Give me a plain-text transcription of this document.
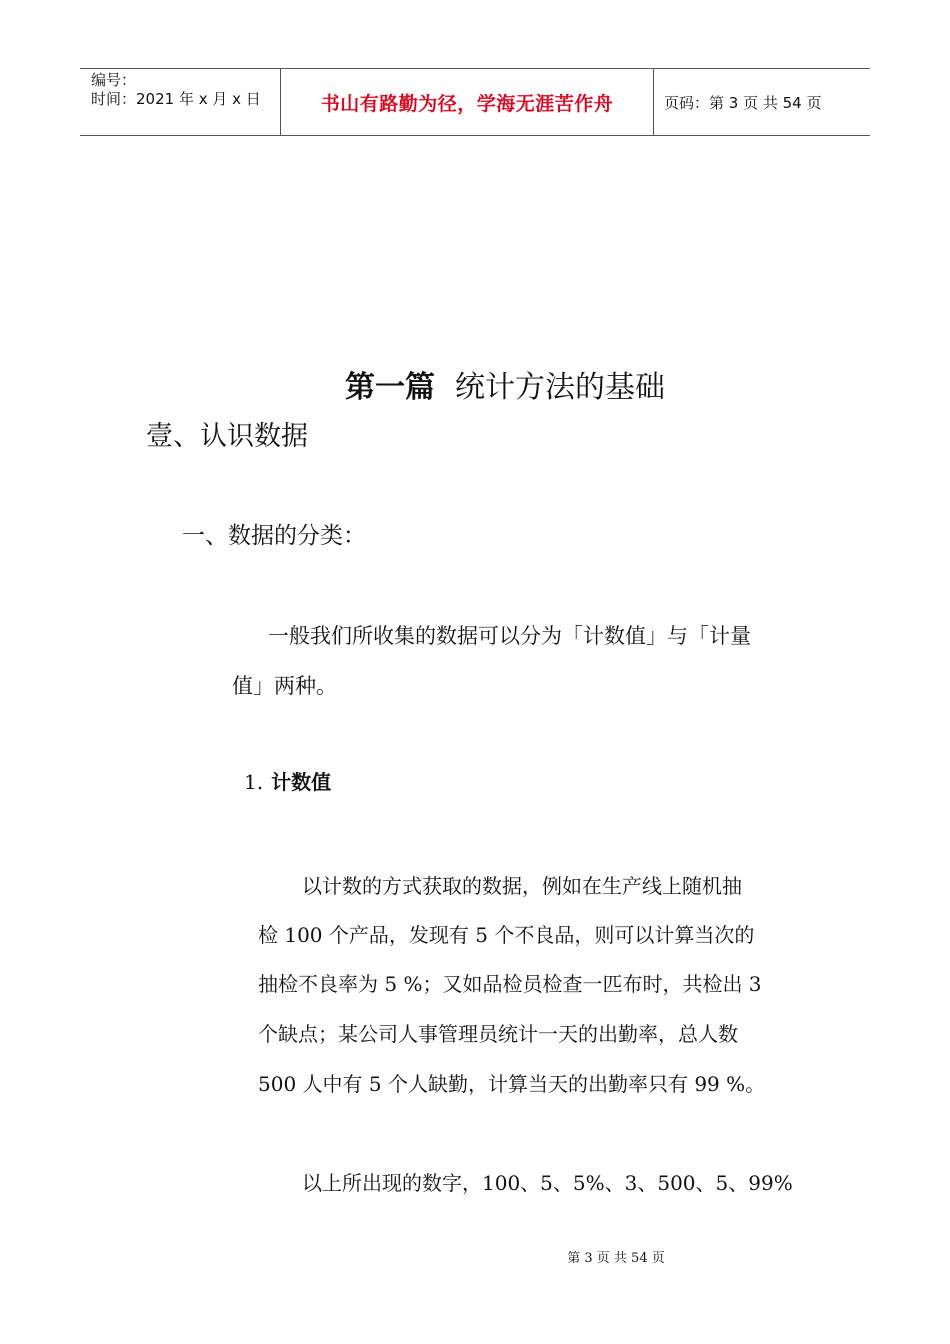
编号：
时间：2021 年 x 月 x 日	书山有路勤为径，学海无涯苦作舟	页码：第 3 页 共 54 页
第一篇 统计方法的基础
壹、认识数据
一、数据的分类：
一般我们所收集的数据可以分为「计数值」与「计量
值」两种。
1. 计数值
以计数的方式获取的数据，例如在生产线上随机抽
检 100 个产品，发现有 5 个不良品，则可以计算当次的
抽检不良率为 5 %；又如品检员检查一匹布时，共检出 3
个缺点；某公司人事管理员统计一天的出勤率，总人数
500 人中有 5 个人缺勤，计算当天的出勤率只有 99 %。
以上所出现的数字，100、5、5%、3、500、5、99%
第 3 页 共 54 页
